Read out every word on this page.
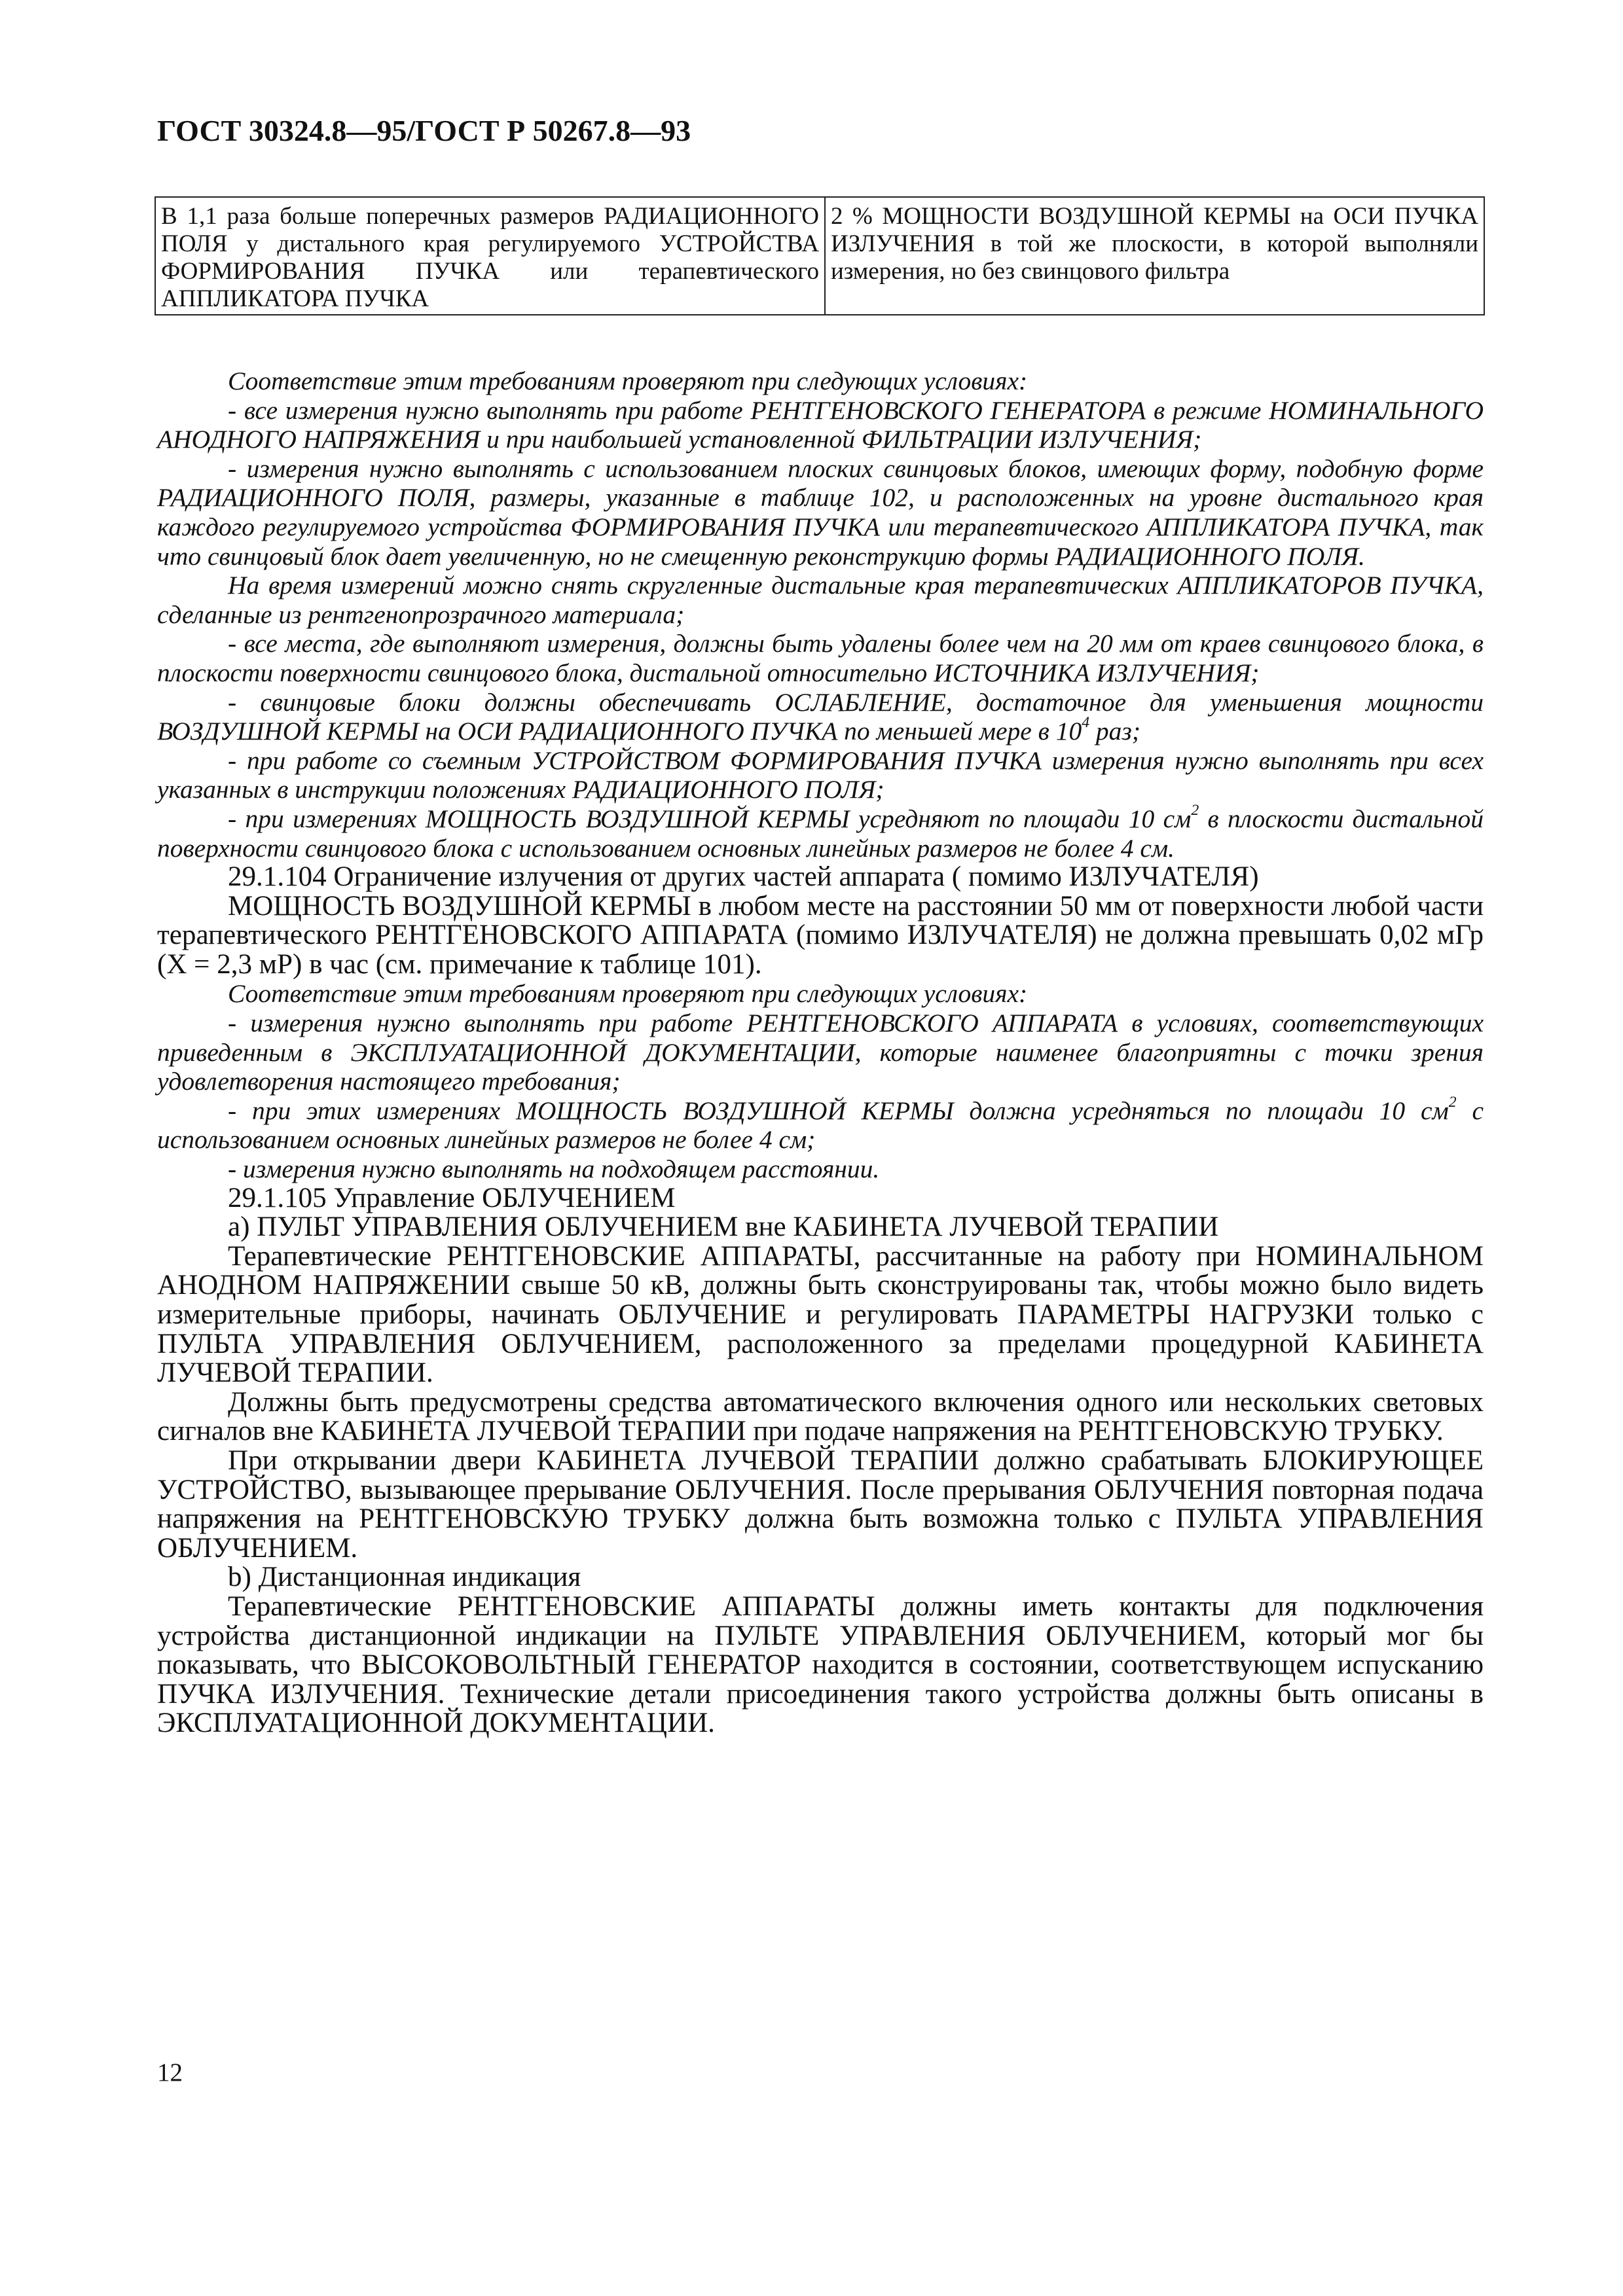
ГОСТ 30324.8—95/ГОСТ Р 50267.8—93
В 1,1 раза больше поперечных размеров РАДИАЦИОННОГО ПОЛЯ у дистального края регулируемого УСТРОЙСТВА ФОРМИРОВАНИЯ ПУЧКА или терапевтического АППЛИКАТОРА ПУЧКА	2 % МОЩНОСТИ ВОЗДУШНОЙ КЕРМЫ на ОСИ ПУЧКА ИЗЛУЧЕНИЯ в той же плоскости, в которой выполняли измерения, но без свинцового фильтра

Соответствие этим требованиям проверяют при следующих условиях:

- все измерения нужно выполнять при работе РЕНТГЕНОВСКОГО ГЕНЕРАТОРА в режиме НОМИНАЛЬНОГО АНОДНОГО НАПРЯЖЕНИЯ и при наибольшей установленной ФИЛЬТРАЦИИ ИЗЛУЧЕНИЯ;

- измерения нужно выполнять с использованием плоских свинцовых блоков, имеющих форму, подобную форме РАДИАЦИОННОГО ПОЛЯ, размеры, указанные в таблице 102, и расположенных на уровне дистального края каждого регулируемого устройства ФОРМИРОВАНИЯ ПУЧКА или терапевтического АППЛИКАТОРА ПУЧКА, так что свинцовый блок дает увеличенную, но не смещенную реконструкцию формы РАДИАЦИОННОГО ПОЛЯ.

На время измерений можно снять скругленные дистальные края терапевтических АППЛИКАТОРОВ ПУЧКА, сделанные из рентгенопрозрачного материала;

- все места, где выполняют измерения, должны быть удалены более чем на 20 мм от краев свинцового блока, в плоскости поверхности свинцового блока, дистальной относительно ИСТОЧНИКА ИЗЛУЧЕНИЯ;

- свинцовые блоки должны обеспечивать ОСЛАБЛЕНИЕ, достаточное для уменьшения мощности ВОЗДУШНОЙ КЕРМЫ на ОСИ РАДИАЦИОННОГО ПУЧКА по меньшей мере в $10^4$ раз;

- при работе со съемным УСТРОЙСТВОМ ФОРМИРОВАНИЯ ПУЧКА измерения нужно выполнять при всех указанных в инструкции положениях РАДИАЦИОННОГО ПОЛЯ;

- при измерениях МОЩНОСТЬ ВОЗДУШНОЙ КЕРМЫ усредняют по площади 10 $см^2$ в плоскости дистальной поверхности свинцового блока с использованием основных линейных размеров не более 4 см.

29.1.104 Ограничение излучения от других частей аппарата ( помимо ИЗЛУЧАТЕЛЯ)

МОЩНОСТЬ ВОЗДУШНОЙ КЕРМЫ в любом месте на расстоянии 50 мм от поверхности любой части терапевтического РЕНТГЕНОВСКОГО АППАРАТА (помимо ИЗЛУЧАТЕЛЯ) не должна превышать 0,02 мГр (Х = 2,3 мР) в час (см. примечание к таблице 101).

Соответствие этим требованиям проверяют при следующих условиях:

- измерения нужно выполнять при работе РЕНТГЕНОВСКОГО АППАРАТА в условиях, соответствующих приведенным в ЭКСПЛУАТАЦИОННОЙ ДОКУМЕНТАЦИИ, которые наименее благоприятны с точки зрения удовлетворения настоящего требования;

- при этих измерениях МОЩНОСТЬ ВОЗДУШНОЙ КЕРМЫ должна усредняться по площади 10 $см^2$ с использованием основных линейных размеров не более 4 см;

- измерения нужно выполнять на подходящем расстоянии.

29.1.105 Управление ОБЛУЧЕНИЕМ

a) ПУЛЬТ УПРАВЛЕНИЯ ОБЛУЧЕНИЕМ вне КАБИНЕТА ЛУЧЕВОЙ ТЕРАПИИ

Терапевтические РЕНТГЕНОВСКИЕ АППАРАТЫ, рассчитанные на работу при НОМИНАЛЬНОМ АНОДНОМ НАПРЯЖЕНИИ свыше 50 кВ, должны быть сконструированы так, чтобы можно было видеть измерительные приборы, начинать ОБЛУЧЕНИЕ и регулировать ПАРАМЕТРЫ НАГРУЗКИ только с ПУЛЬТА УПРАВЛЕНИЯ ОБЛУЧЕНИЕМ, расположенного за пределами процедурной КАБИНЕТА ЛУЧЕВОЙ ТЕРАПИИ.

Должны быть предусмотрены средства автоматического включения одного или нескольких световых сигналов вне КАБИНЕТА ЛУЧЕВОЙ ТЕРАПИИ при подаче напряжения на РЕНТГЕНОВСКУЮ ТРУБКУ.

При открывании двери КАБИНЕТА ЛУЧЕВОЙ ТЕРАПИИ должно срабатывать БЛОКИРУЮЩЕЕ УСТРОЙСТВО, вызывающее прерывание ОБЛУЧЕНИЯ. После прерывания ОБЛУЧЕНИЯ повторная подача напряжения на РЕНТГЕНОВСКУЮ ТРУБКУ должна быть возможна только с ПУЛЬТА УПРАВЛЕНИЯ ОБЛУЧЕНИЕМ.

b) Дистанционная индикация

Терапевтические РЕНТГЕНОВСКИЕ АППАРАТЫ должны иметь контакты для подключения устройства дистанционной индикации на ПУЛЬТЕ УПРАВЛЕНИЯ ОБЛУЧЕНИЕМ, который мог бы показывать, что ВЫСОКОВОЛЬТНЫЙ ГЕНЕРАТОР находится в состоянии, соответствующем испусканию ПУЧКА ИЗЛУЧЕНИЯ. Технические детали присоединения такого устройства должны быть описаны в ЭКСПЛУАТАЦИОННОЙ ДОКУМЕНТАЦИИ.

12
